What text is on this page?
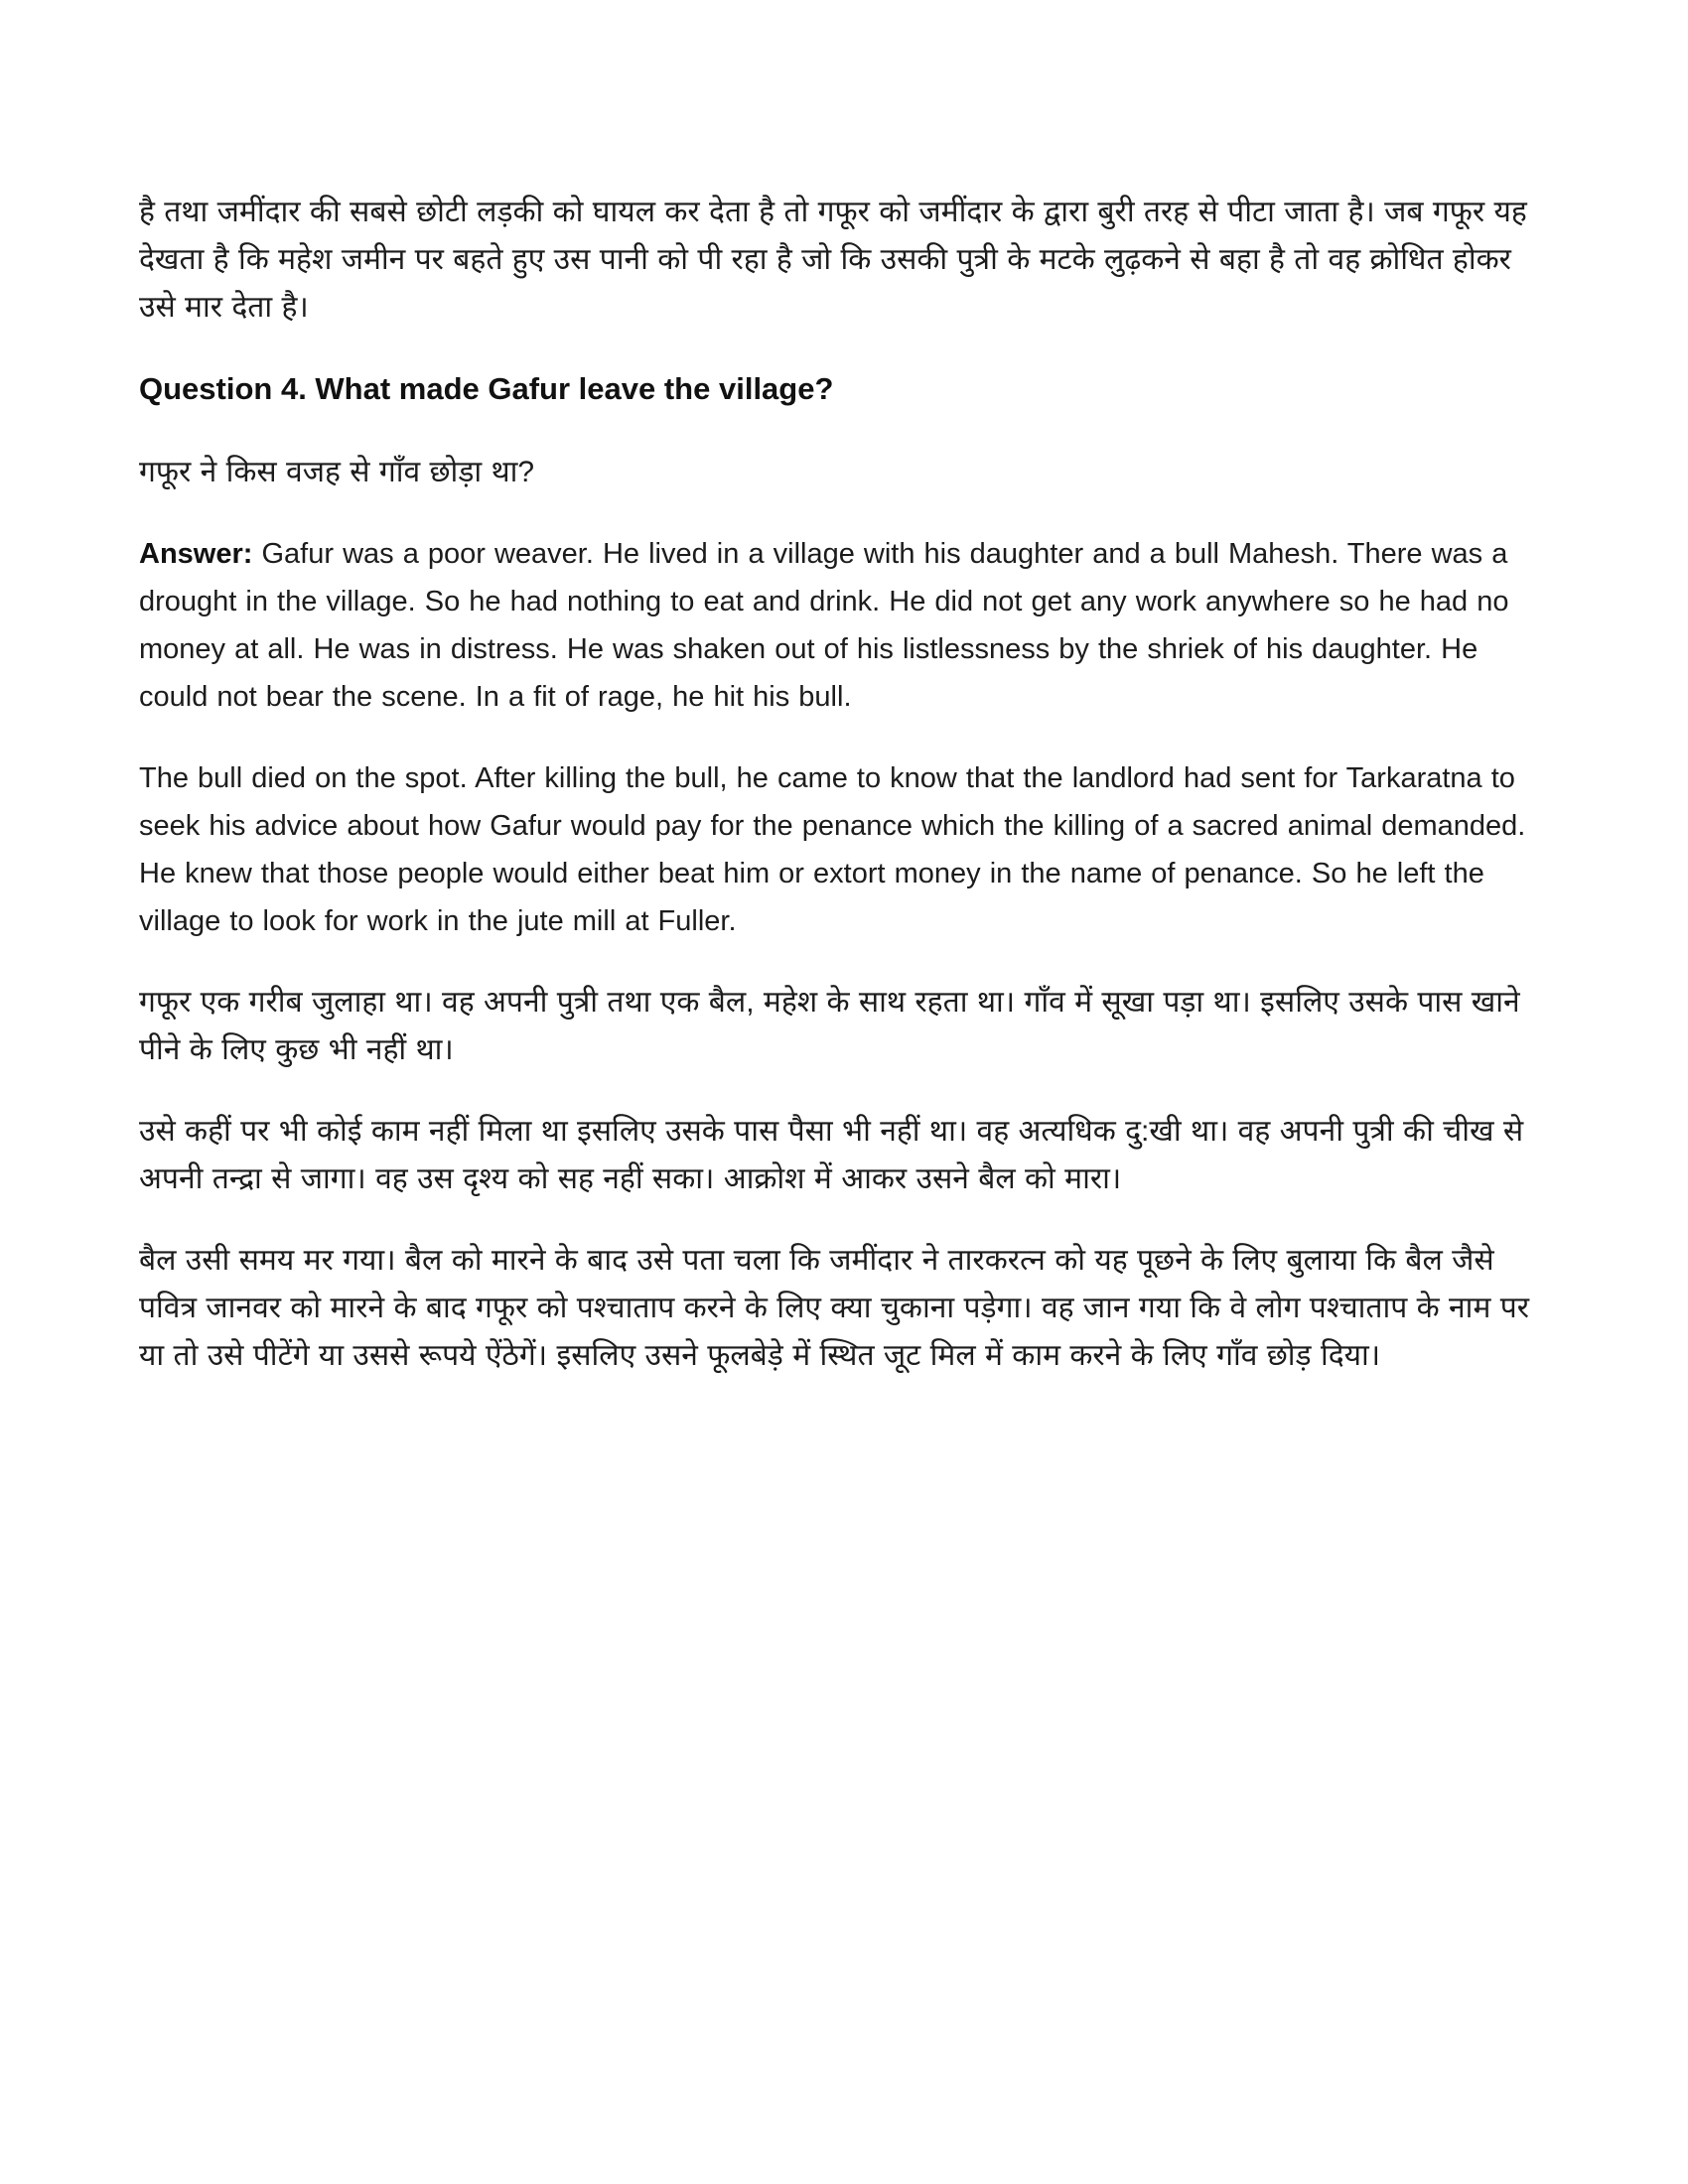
है तथा जमींदार की सबसे छोटी लड़की को घायल कर देता है तो गफूर को जमींदार के द्वारा बुरी तरह से पीटा जाता है। जब गफूर यह देखता है कि महेश जमीन पर बहते हुए उस पानी को पी रहा है जो कि उसकी पुत्री के मटके लुढ़कने से बहा है तो वह क्रोधित होकर उसे मार देता है।

Question 4. What made Gafur leave the village?

गफूर ने किस वजह से गाँव छोड़ा था?

Answer: Gafur was a poor weaver. He lived in a village with his daughter and a bull Mahesh. There was a drought in the village. So he had nothing to eat and drink. He did not get any work anywhere so he had no money at all. He was in distress. He was shaken out of his listlessness by the shriek of his daughter. He could not bear the scene. In a fit of rage, he hit his bull.

The bull died on the spot. After killing the bull, he came to know that the landlord had sent for Tarkaratna to seek his advice about how Gafur would pay for the penance which the killing of a sacred animal demanded. He knew that those people would either beat him or extort money in the name of penance. So he left the village to look for work in the jute mill at Fuller.

गफूर एक गरीब जुलाहा था। वह अपनी पुत्री तथा एक बैल, महेश के साथ रहता था। गाँव में सूखा पड़ा था। इसलिए उसके पास खाने पीने के लिए कुछ भी नहीं था।

उसे कहीं पर भी कोई काम नहीं मिला था इसलिए उसके पास पैसा भी नहीं था। वह अत्यधिक दु:खी था। वह अपनी पुत्री की चीख से अपनी तन्द्रा से जागा। वह उस दृश्य को सह नहीं सका। आक्रोश में आकर उसने बैल को मारा।

बैल उसी समय मर गया। बैल को मारने के बाद उसे पता चला कि जमींदार ने तारकरत्न को यह पूछने के लिए बुलाया कि बैल जैसे पवित्र जानवर को मारने के बाद गफूर को पश्चाताप करने के लिए क्या चुकाना पड़ेगा। वह जान गया कि वे लोग पश्चाताप के नाम पर या तो उसे पीटेंगे या उससे रूपये ऐंठेगें। इसलिए उसने फूलबेड़े में स्थित जूट मिल में काम करने के लिए गाँव छोड़ दिया।
